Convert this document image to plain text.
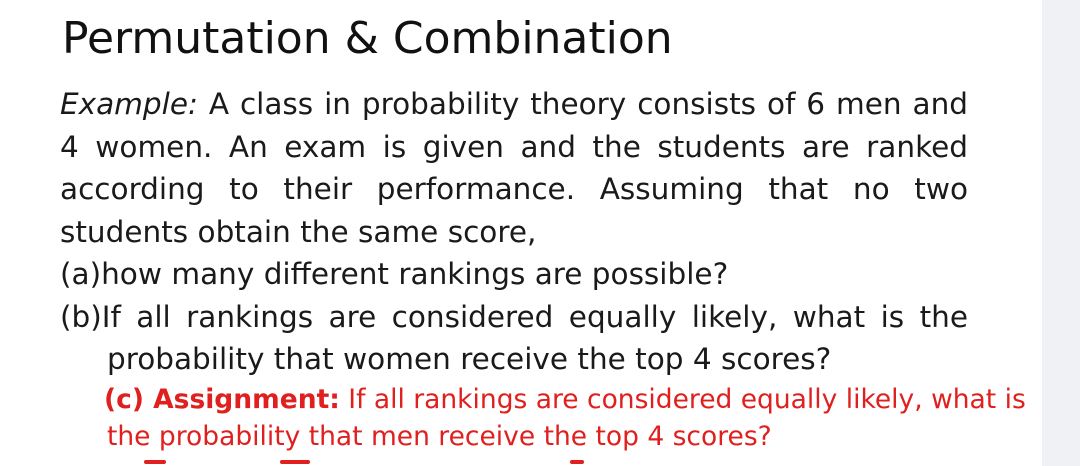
Permutation & Combination
Example: A class in probability theory consists of 6 men and
4 women. An exam is given and the students are ranked
according to their performance. Assuming that no two
students obtain the same score,
(a)how many different rankings are possible?
(b)If all rankings are considered equally likely, what is the
probability that women receive the top 4 scores?
(c) Assignment: If all rankings are considered equally likely, what is
the probability that men receive the top 4 scores?
